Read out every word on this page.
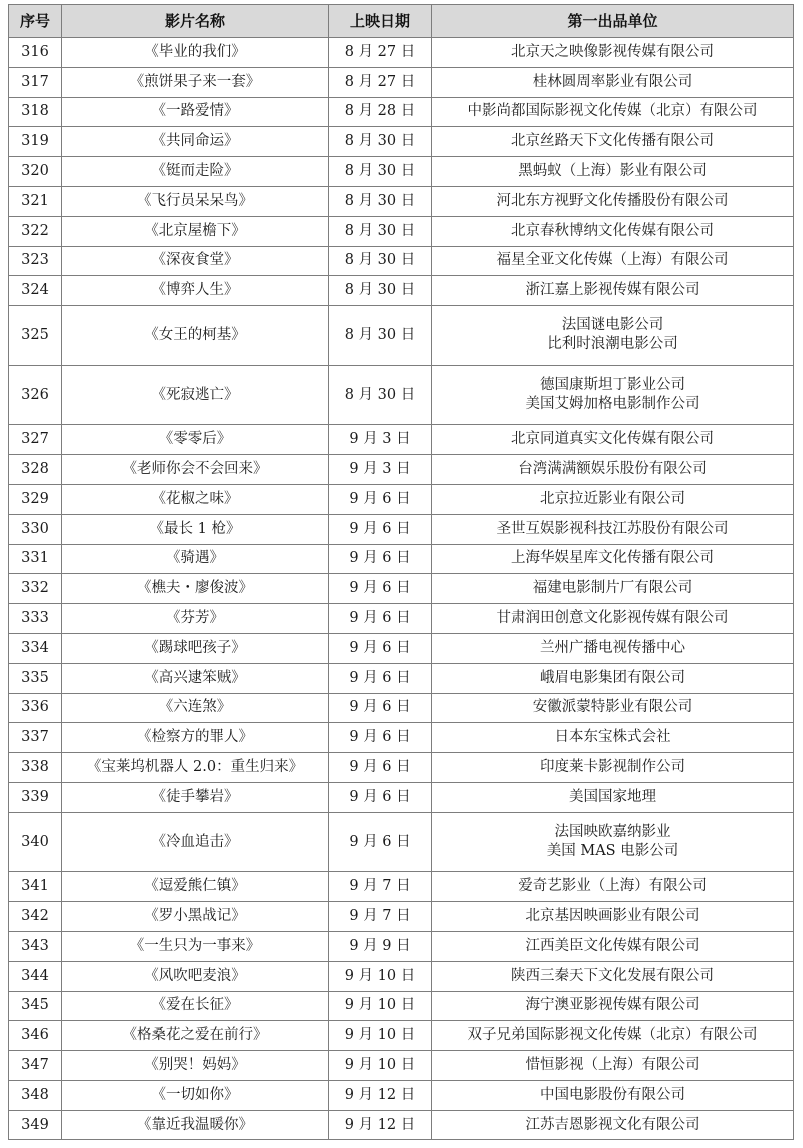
序号	影片名称	上映日期	第一出品单位
316	《毕业的我们》	8 月 27 日	北京天之映像影视传媒有限公司

317	《煎饼果子来一套》	8 月 27 日	桂林圆周率影业有限公司

318	《一路爱情》	8 月 28 日	中影尚都国际影视文化传媒（北京）有限公司

319	《共同命运》	8 月 30 日	北京丝路天下文化传播有限公司

320	《铤而走险》	8 月 30 日	黑蚂蚁（上海）影业有限公司

321	《飞行员呆呆鸟》	8 月 30 日	河北东方视野文化传播股份有限公司

322	《北京屋檐下》	8 月 30 日	北京春秋博纳文化传媒有限公司

323	《深夜食堂》	8 月 30 日	福星全亚文化传媒（上海）有限公司

324	《博弈人生》	8 月 30 日	浙江嘉上影视传媒有限公司

325	《女王的柯基》	8 月 30 日	法国谜电影公司
比利时浪潮电影公司

326	《死寂逃亡》	8 月 30 日	德国康斯坦丁影业公司
美国艾姆加格电影制作公司

327	《零零后》	9 月 3 日	北京同道真实文化传媒有限公司

328	《老师你会不会回来》	9 月 3 日	台湾满满额娱乐股份有限公司

329	《花椒之味》	9 月 6 日	北京拉近影业有限公司

330	《最长 1 枪》	9 月 6 日	圣世互娱影视科技江苏股份有限公司

331	《骑遇》	9 月 6 日	上海华娱星库文化传播有限公司

332	《樵夫・廖俊波》	9 月 6 日	福建电影制片厂有限公司

333	《芬芳》	9 月 6 日	甘肃润田创意文化影视传媒有限公司

334	《踢球吧孩子》	9 月 6 日	兰州广播电视传播中心

335	《高兴逮笨贼》	9 月 6 日	峨眉电影集团有限公司

336	《六连煞》	9 月 6 日	安徽派蒙特影业有限公司

337	《检察方的罪人》	9 月 6 日	日本东宝株式会社

338	《宝莱坞机器人 2.0：重生归来》	9 月 6 日	印度莱卡影视制作公司

339	《徒手攀岩》	9 月 6 日	美国国家地理

340	《冷血追击》	9 月 6 日	法国映欧嘉纳影业
美国 MAS 电影公司

341	《逗爱熊仁镇》	9 月 7 日	爱奇艺影业（上海）有限公司

342	《罗小黑战记》	9 月 7 日	北京基因映画影业有限公司

343	《一生只为一事来》	9 月 9 日	江西美臣文化传媒有限公司

344	《风吹吧麦浪》	9 月 10 日	陕西三秦天下文化发展有限公司

345	《爱在长征》	9 月 10 日	海宁澳亚影视传媒有限公司

346	《格桑花之爱在前行》	9 月 10 日	双子兄弟国际影视文化传媒（北京）有限公司

347	《别哭！妈妈》	9 月 10 日	惜恒影视（上海）有限公司

348	《一切如你》	9 月 12 日	中国电影股份有限公司

349	《靠近我温暖你》	9 月 12 日	江苏吉恩影视文化有限公司
